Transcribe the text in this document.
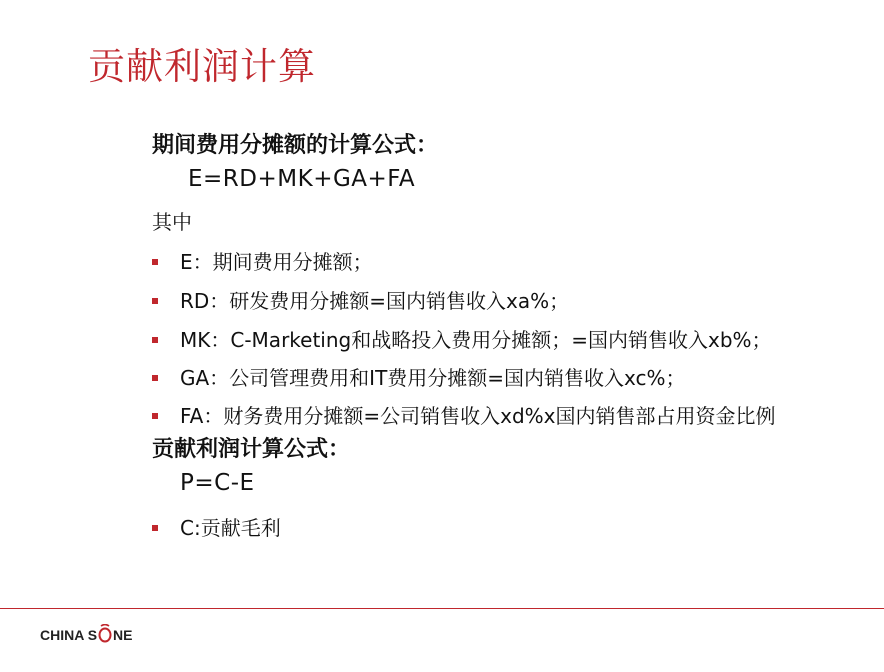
贡献利润计算
期间费用分摊额的计算公式：
E=RD+MK+GA+FA
其中
E：期间费用分摊额；
RD：研发费用分摊额=国内销售收入xa%；
MK：C-Marketing和战略投入费用分摊额；=国内销售收入xb%；
GA：公司管理费用和IT费用分摊额=国内销售收入xc%；
FA：财务费用分摊额=公司销售收入xd%x国内销售部占用资金比例
贡献利润计算公式：
P=C-E
C:贡献毛利
CHINA S NE
